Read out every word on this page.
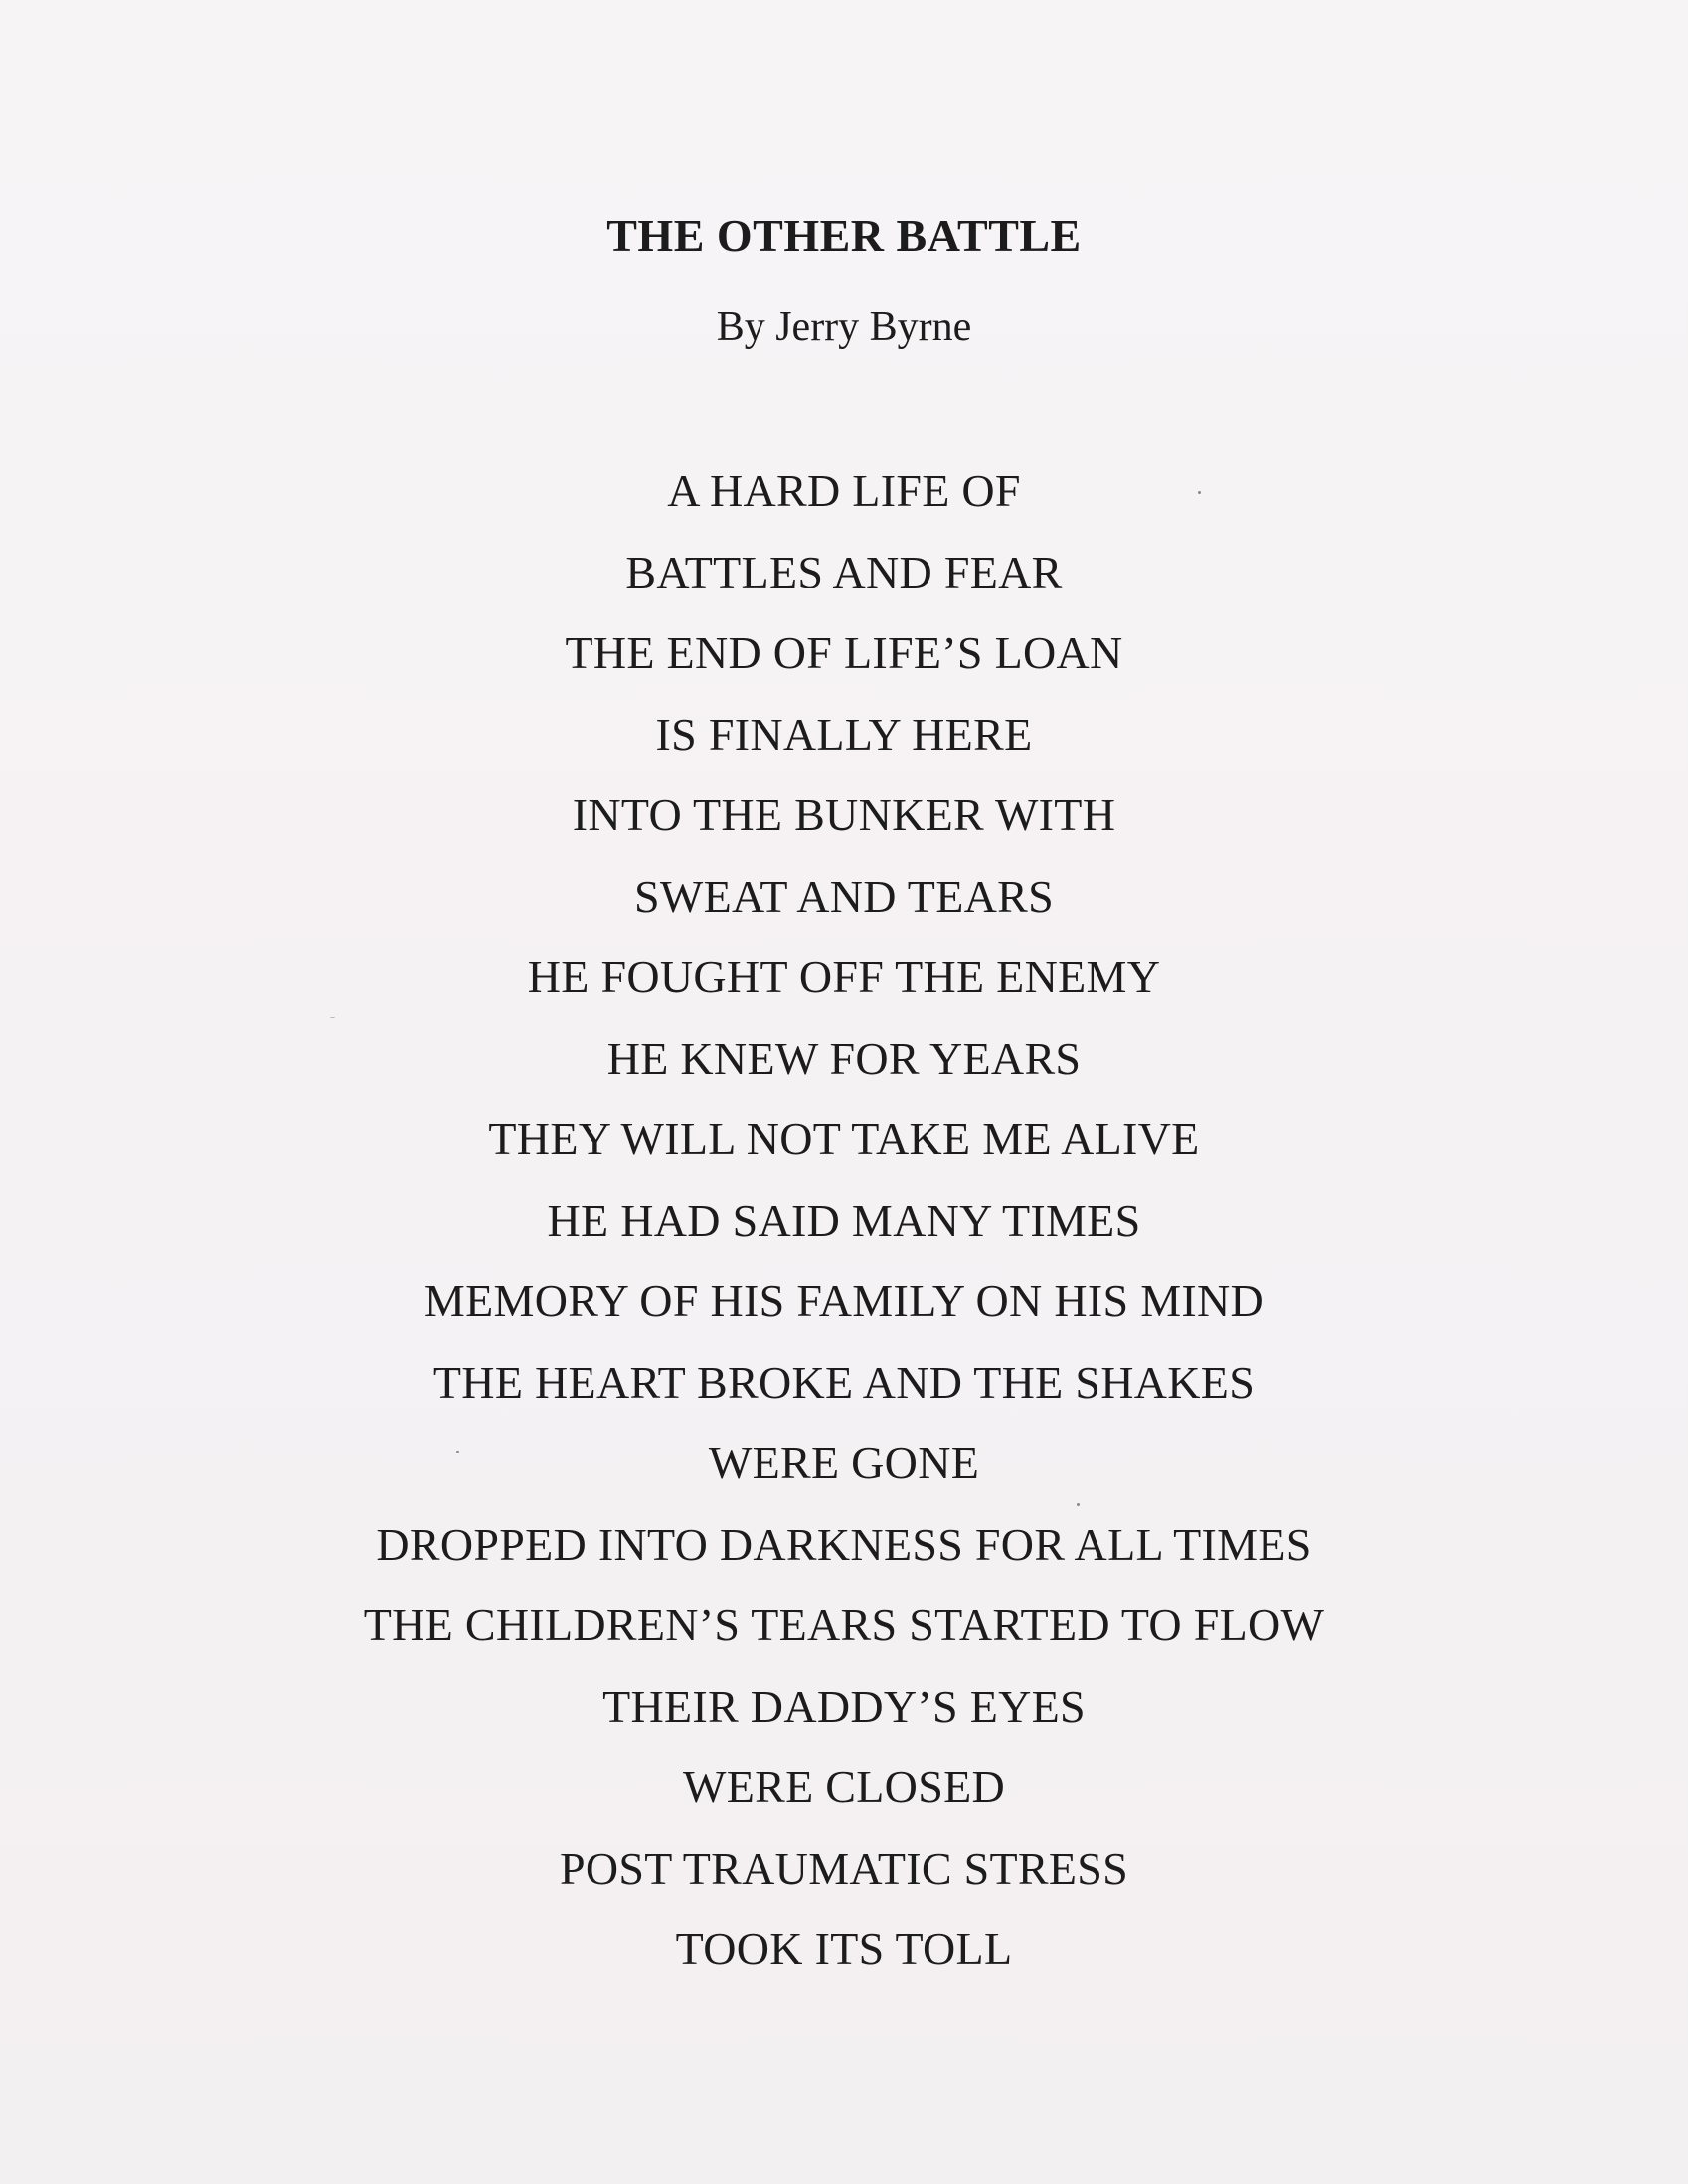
THE OTHER BATTLE

By Jerry Byrne

A HARD LIFE OF
BATTLES AND FEAR
THE END OF LIFE’S LOAN
IS FINALLY HERE
INTO THE BUNKER WITH
SWEAT AND TEARS
HE FOUGHT OFF THE ENEMY
HE KNEW FOR YEARS
THEY WILL NOT TAKE ME ALIVE
HE HAD SAID MANY TIMES
MEMORY OF HIS FAMILY ON HIS MIND
THE HEART BROKE AND THE SHAKES
WERE GONE
DROPPED INTO DARKNESS FOR ALL TIMES
THE CHILDREN’S TEARS STARTED TO FLOW
THEIR DADDY’S EYES
WERE CLOSED
POST TRAUMATIC STRESS
TOOK ITS TOLL
